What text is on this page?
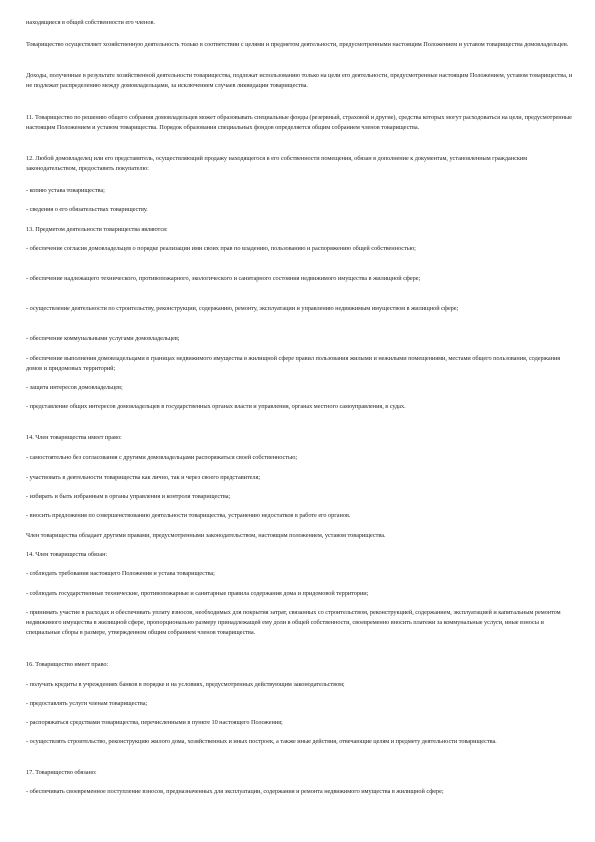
находящиеся в общей собственности его членов.

Товарищество осуществляет хозяйственную деятельность только в соответствии с целями и предметом деятельности, предусмотренными настоящим Положением и уставом товарищества домовладельцев.

Доходы, полученные в результате хозяйственной деятельности товарищества, подлежат использованию только на цели его деятельности, предусмотренные настоящим Положением, уставом товарищества, и не подлежат распределению между домовладельцами, за исключением случаев ликвидации товарищества.

11. Товарищество по решению общего собрания домовладельцев может образовывать специальные фонды (резервный, страховой и другие), средства которых могут расходоваться на цели, предусмотренные настоящим Положением и уставом товарищества. Порядок образования специальных фондов определяется общим собранием членов товарищества.

12. Любой домовладелец или его представитель, осуществляющий продажу находящегося в его собственности помещения, обязан в дополнение к документам, установленным гражданским законодательством, предоставить покупателю:

- копию устава товарищества;

- сведения о его обязательствах товариществу.

13. Предметом деятельности товарищества являются:

- обеспечение согласия домовладельцев о порядке реализации ими своих прав по владению, пользованию и распоряжению общей собственностью;

- обеспечение надлежащего технического, противопожарного, экологического и санитарного состояния недвижимого имущества в жилищной сфере;

- осуществление деятельности по строительству, реконструкции, содержанию, ремонту, эксплуатации и управлению недвижимым имуществом в жилищной сфере;

- обеспечение коммунальными услугами домовладельцев;

- обеспечение выполнения домовладельцами в границах недвижимого имущества в жилищной сфере правил пользования жилыми и нежилыми помещениями, местами общего пользования, содержания домов и придомовых территорий;

- защита интересов домовладельцев;

- представление общих интересов домовладельцев в государственных органах власти и управления, органах местного самоуправления, в судах.

14. Член товарищества имеет право:

- самостоятельно без согласования с другими домовладельцами распоряжаться своей собственностью;

- участвовать в деятельности товарищества как лично, так и через своего представителя;

- избирать и быть избранным в органы управления и контроля товарищества;

- вносить предложения по совершенствованию деятельности товарищества, устранению недостатков в работе его органов.

Член товарищества обладает другими правами, предусмотренными законодательством, настоящим положением, уставом товарищества.

14. Член товарищества обязан:

- соблюдать требования настоящего Положения и устава товарищества;

- соблюдать государственные технические, противопожарные и санитарные правила содержания дома и придомовой территории;

- принимать участие в расходах и обеспечивать уплату взносов, необходимых для покрытия затрат, связанных со строительством, реконструкцией, содержанием, эксплуатацией и капитальным ремонтом недвижимого имущества в жилищной сфере, пропорционально размеру принадлежащей ему доли в общей собственности, своевременно вносить платежи за коммунальные услуги, иные взносы и специальные сборы в размере, утвержденном общим собранием членов товарищества.

16. Товарищество имеет право:

- получать кредиты в учреждениях банков в порядке и на условиях, предусмотренных действующим законодательством;

- предоставлять услуги членам товарищества;

- распоряжаться средствами товарищества, перечисленными в пункте 10 настоящего Положения;

- осуществлять строительство, реконструкцию жилого дома, хозяйственных и иных построек, а также иные действия, отвечающие целям и предмету деятельности товарищества.

17. Товарищество обязано:

- обеспечивать своевременное поступление взносов, предназначенных для эксплуатации, содержания и ремонта недвижимого имущества в жилищной сфере;
